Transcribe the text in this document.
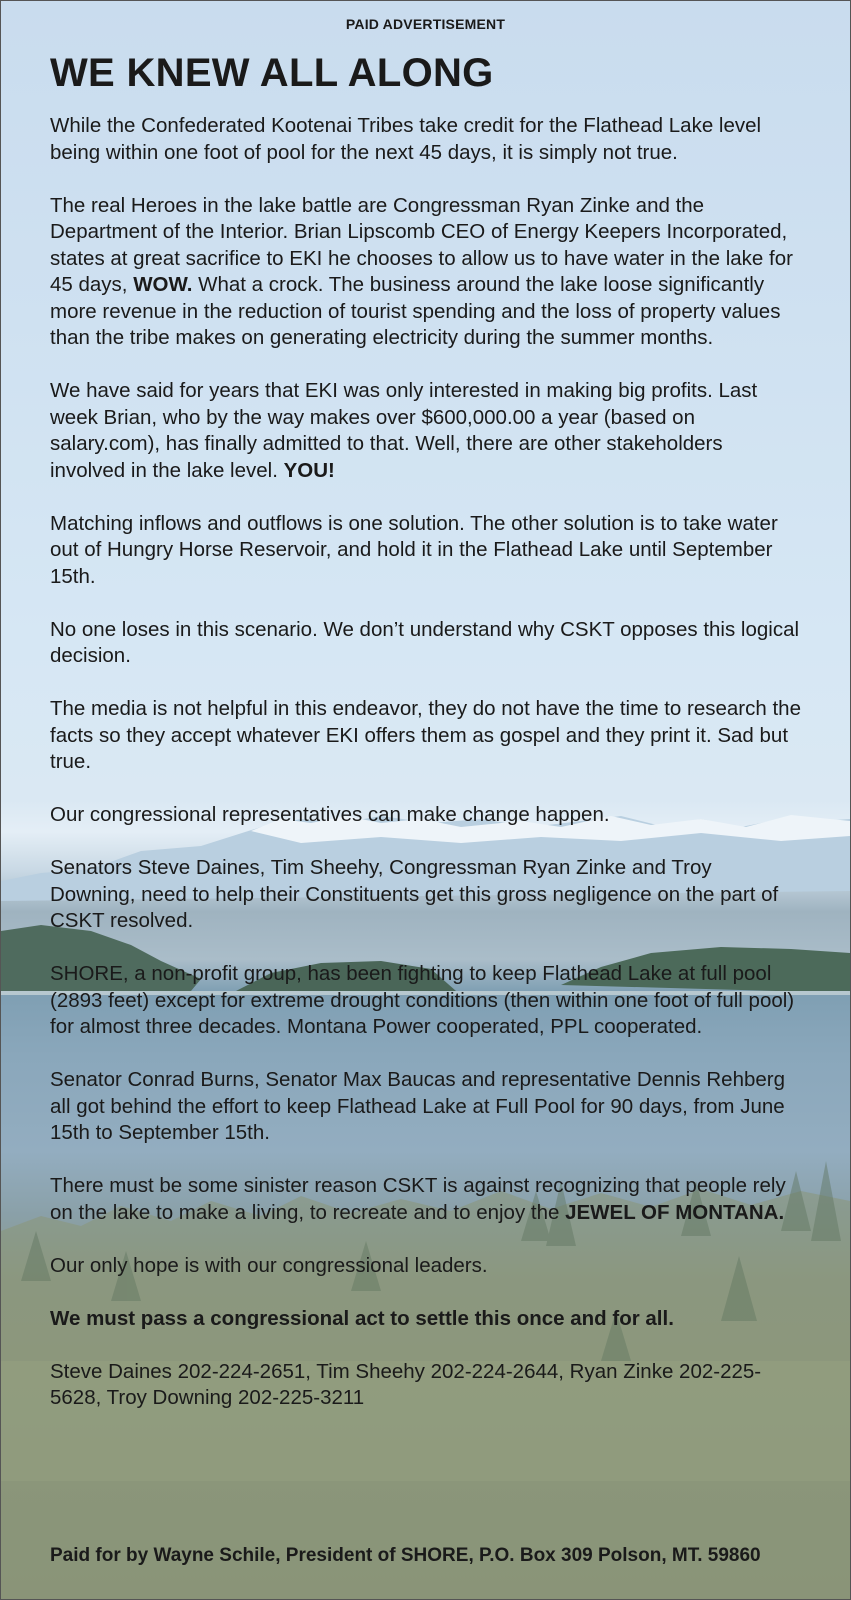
PAID ADVERTISEMENT
WE KNEW ALL ALONG

While the Confederated Kootenai Tribes take credit for the Flathead Lake level being within one foot of pool for the next 45 days, it is simply not true.

The real Heroes in the lake battle are Congressman Ryan Zinke and the Department of the Interior. Brian Lipscomb CEO of Energy Keepers Incorporated, states at great sacrifice to EKI he chooses to allow us to have water in the lake for 45 days, WOW. What a crock. The business around the lake loose significantly more revenue in the reduction of tourist spending and the loss of property values than the tribe makes on generating electricity during the summer months.

We have said for years that EKI was only interested in making big profits. Last week Brian, who by the way makes over $600,000.00 a year (based on salary.com), has finally admitted to that. Well, there are other stakeholders involved in the lake level. YOU!

Matching inflows and outflows is one solution. The other solution is to take water out of Hungry Horse Reservoir, and hold it in the Flathead Lake until September 15th.

No one loses in this scenario. We don’t understand why CSKT opposes this logical decision.

The media is not helpful in this endeavor, they do not have the time to research the facts so they accept whatever EKI offers them as gospel and they print it. Sad but true.

Our congressional representatives can make change happen.

Senators Steve Daines, Tim Sheehy, Congressman Ryan Zinke and Troy Downing, need to help their Constituents get this gross negligence on the part of CSKT resolved.

SHORE, a non-profit group, has been fighting to keep Flathead Lake at full pool (2893 feet) except for extreme drought conditions (then within one foot of full pool) for almost three decades. Montana Power cooperated, PPL cooperated.

Senator Conrad Burns, Senator Max Baucas and representative Dennis Rehberg all got behind the effort to keep Flathead Lake at Full Pool for 90 days, from June 15th to September 15th.

There must be some sinister reason CSKT is against recognizing that people rely on the lake to make a living, to recreate and to enjoy the JEWEL OF MONTANA.

Our only hope is with our congressional leaders.

We must pass a congressional act to settle this once and for all.

Steve Daines 202-224-2651, Tim Sheehy 202-224-2644, Ryan Zinke 202-225-5628, Troy Downing 202-225-3211

Paid for by Wayne Schile, President of SHORE, P.O. Box 309 Polson, MT. 59860
